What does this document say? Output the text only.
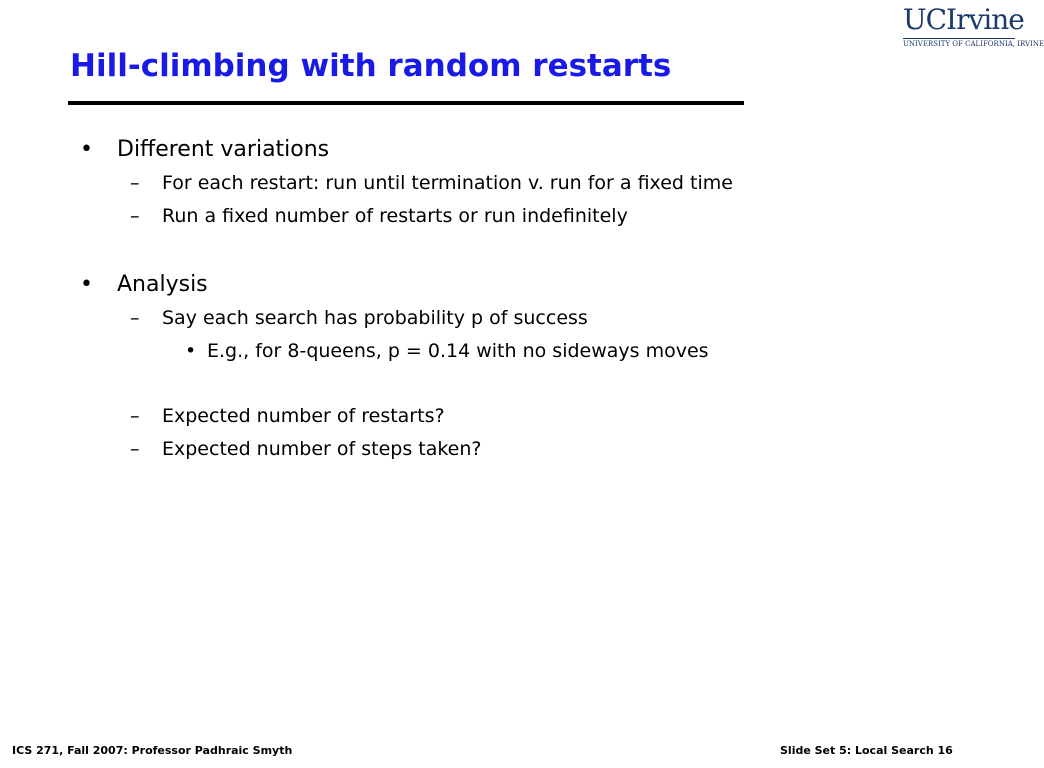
UCIrvine
UNIVERSITY OF CALIFORNIA, IRVINE
Hill-climbing with random restarts
• Different variations
– For each restart: run until termination v. run for a fixed time
– Run a fixed number of restarts or run indefinitely
• Analysis
– Say each search has probability p of success
• E.g., for 8-queens, p = 0.14 with no sideways moves
– Expected number of restarts?
– Expected number of steps taken?
ICS 271, Fall 2007: Professor Padhraic Smyth	Slide Set 5: Local Search 16
